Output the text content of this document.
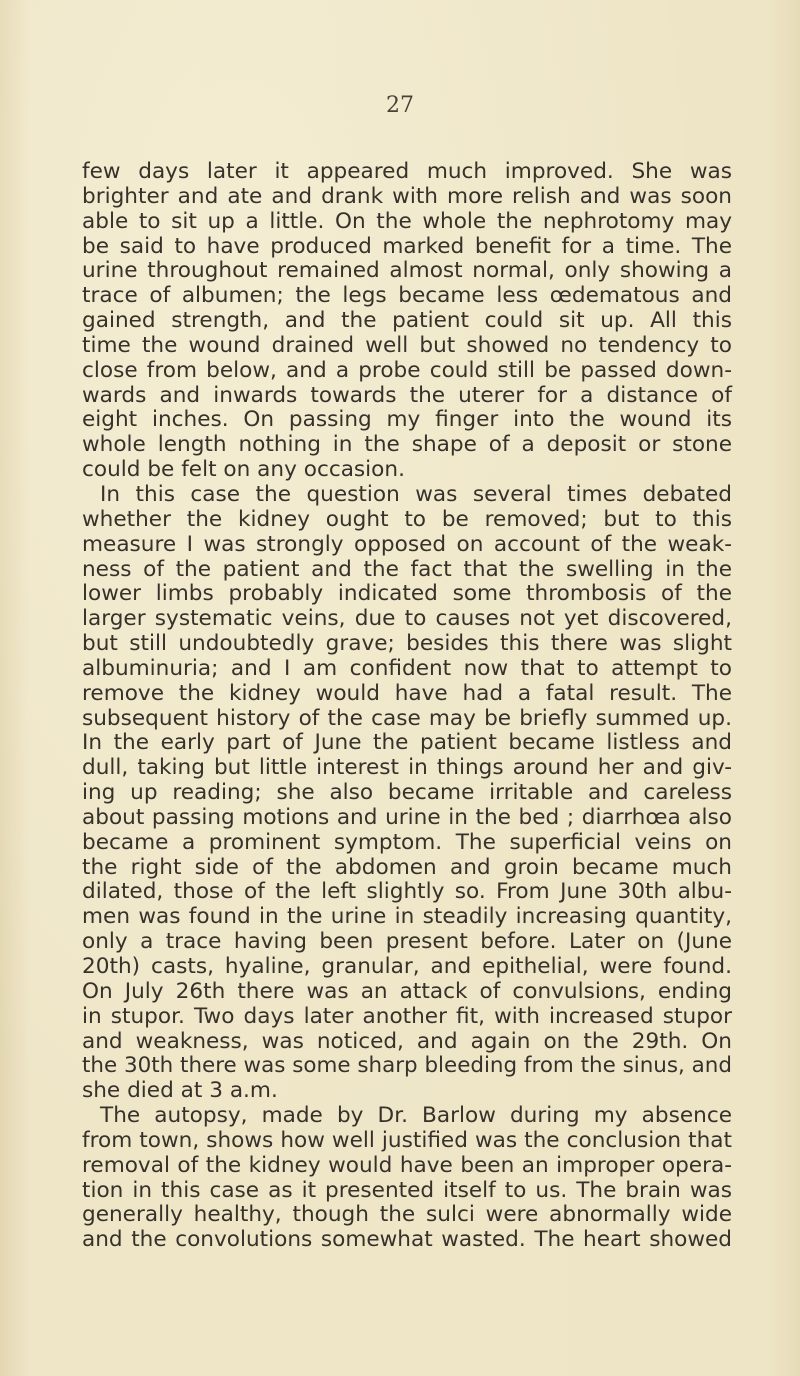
27

few days later it appeared much improved. She was
brighter and ate and drank with more relish and was soon
able to sit up a little. On the whole the nephrotomy may
be said to have produced marked benefit for a time. The
urine throughout remained almost normal, only showing a
trace of albumen; the legs became less œdematous and
gained strength, and the patient could sit up. All this
time the wound drained well but showed no tendency to
close from below, and a probe could still be passed down-
wards and inwards towards the uterer for a distance of
eight inches. On passing my finger into the wound its
whole length nothing in the shape of a deposit or stone
could be felt on any occasion.
In this case the question was several times debated
whether the kidney ought to be removed; but to this
measure I was strongly opposed on account of the weak-
ness of the patient and the fact that the swelling in the
lower limbs probably indicated some thrombosis of the
larger systematic veins, due to causes not yet discovered,
but still undoubtedly grave; besides this there was slight
albuminuria; and I am confident now that to attempt to
remove the kidney would have had a fatal result. The
subsequent history of the case may be briefly summed up.
In the early part of June the patient became listless and
dull, taking but little interest in things around her and giv-
ing up reading; she also became irritable and careless
about passing motions and urine in the bed ; diarrhœa also
became a prominent symptom. The superficial veins on
the right side of the abdomen and groin became much
dilated, those of the left slightly so. From June 30th albu-
men was found in the urine in steadily increasing quantity,
only a trace having been present before. Later on (June
20th) casts, hyaline, granular, and epithelial, were found.
On July 26th there was an attack of convulsions, ending
in stupor. Two days later another fit, with increased stupor
and weakness, was noticed, and again on the 29th. On
the 30th there was some sharp bleeding from the sinus, and
she died at 3 a.m.
The autopsy, made by Dr. Barlow during my absence
from town, shows how well justified was the conclusion that
removal of the kidney would have been an improper opera-
tion in this case as it presented itself to us. The brain was
generally healthy, though the sulci were abnormally wide
and the convolutions somewhat wasted. The heart showed
